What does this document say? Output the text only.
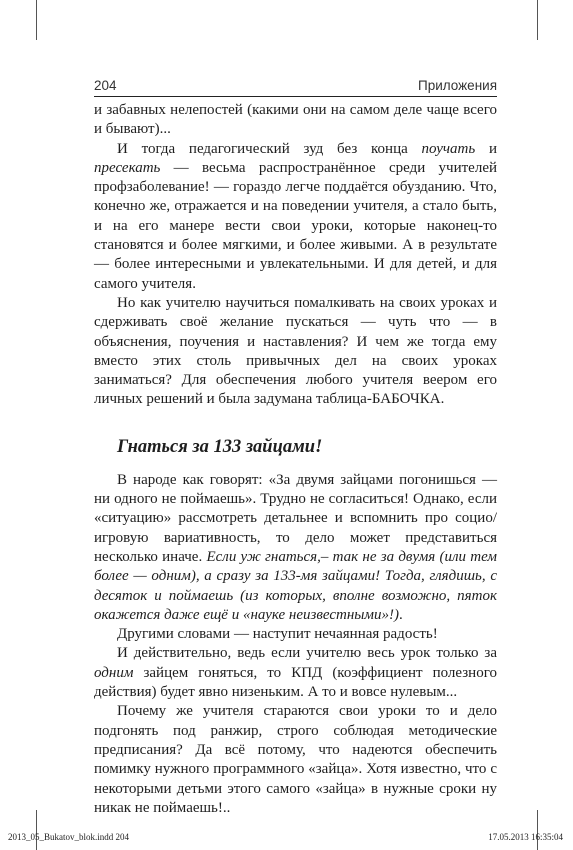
204	Приложения

и забавных нелепостей (какими они на самом деле чаще всего и бывают)...

И тогда педагогический зуд без конца поучать и пресекать — весьма распространённое среди учителей профзаболевание! — гораздо легче поддаётся обузданию. Что, конечно же, отражается и на поведении учителя, а стало быть, и на его манере вести свои уроки, которые наконец-то становятся и более мягкими, и более живыми. А в результате — более интересными и увлекательными. И для детей, и для самого учителя.

Но как учителю научиться помалкивать на своих уроках и сдерживать своё желание пускаться — чуть что — в объяснения, поучения и наставления? И чем же тогда ему вместо этих столь привычных дел на своих уроках заниматься? Для обеспечения любого учителя веером его личных решений и была задумана таблица-БАБОЧКА.

Гнаться за 133 зайцами!

В народе как говорят: «За двумя зайцами погонишься — ни одного не поймаешь». Трудно не согласиться! Однако, если «ситуацию» рассмотреть детальнее и вспомнить про социо/игровую вариативность, то дело может представиться несколько иначе. Если уж гнаться,– так не за двумя (или тем более — одним), а сразу за 133-мя зайцами! Тогда, глядишь, с десяток и поймаешь (из которых, вполне возможно, пяток окажется даже ещё и «науке неизвестными»!).

Другими словами — наступит нечаянная радость!

И действительно, ведь если учителю весь урок только за одним зайцем гоняться, то КПД (коэффициент полезного действия) будет явно низеньким. А то и вовсе нулевым...

Почему же учителя стараются свои уроки то и дело подгонять под ранжир, строго соблюдая методические предписания? Да всё потому, что надеются обеспечить помимку нужного программного «зайца». Хотя известно, что с некоторыми детьми этого самого «зайца» в нужные сроки ну никак не поймаешь!..

2013_05_Bukatov_blok.indd 204	17.05.2013 16:35:04
